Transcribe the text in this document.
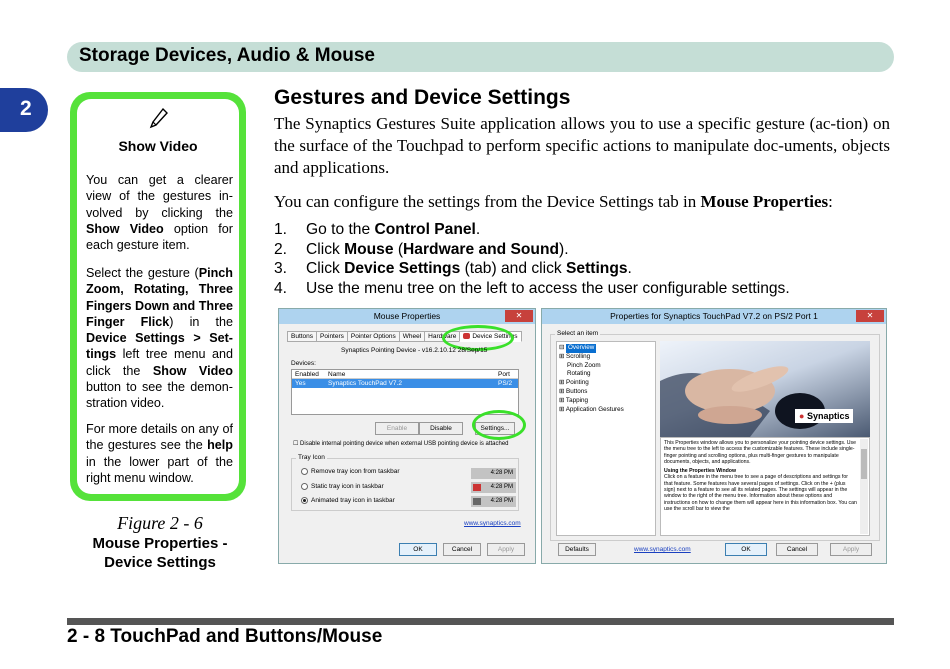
Storage Devices, Audio & Mouse
2
Show Video
You can get a clearer view of the gestures in-volved by clicking the Show Video option for each gesture item.
Select the gesture (Pinch Zoom, Rotating, Three Fingers Down and Three Finger Flick) in the Device Settings > Set-tings left tree menu and click the Show Video button to see the demon-stration video.
For more details on any of the gestures see the help in the lower part of the right menu window.
Figure 2 - 6
Mouse Properties -
Device Settings
Gestures and Device Settings
The Synaptics Gestures Suite application allows you to use a specific gesture (ac-tion) on the surface of the Touchpad to perform specific actions to manipulate doc-uments, objects and applications.
You can configure the settings from the Device Settings tab in Mouse Properties:
1.	Go to the Control Panel.
2.	Click Mouse (Hardware and Sound).
3.	Click Device Settings (tab) and click Settings.
4.	Use the menu tree on the left to access the user configurable settings.
Mouse Properties	✕
Buttons	Pointers	Pointer Options	Wheel	Hardware	Device Settings
Synaptics Pointing Device - v16.2.10.12 28/Sep/15
Devices:
Enabled Name	Port
Yes	Synaptics TouchPad V7.2	PS/2
Enable	Disable	Settings...
☐ Disable internal pointing device when external USB pointing device is attached
Tray Icon
Remove tray icon from taskbar
Static tray icon in taskbar
Animated tray icon in taskbar
4:28 PM
4:28 PM
4:28 PM
www.synaptics.com
OK	Cancel	Apply
Properties for Synaptics TouchPad V7.2 on PS/2 Port 1	✕
Select an item
⊟ Overview
⊞ Scrolling
Pinch Zoom
Rotating
⊞ Pointing
⊞ Buttons
⊞ Tapping
⊞ Application Gestures
● Synaptics
This Properties window allows you to personalize your pointing device settings. Use the menu tree to the left to access the customizable features. These include single-finger pointing and scrolling options, plus multi-finger gestures to manipulate documents, objects, and applications.
Using the Properties Window
Click on a feature in the menu tree to see a page of descriptions and settings for that feature. Some features have several pages of settings. Click on the + (plus sign) next to a feature to see all its related pages. The settings will appear in the window to the right of the menu tree. Information about these options and instructions on how to change them will appear here in this information box. You can use the scroll bar to view the
Defaults	www.synaptics.com	OK	Cancel	Apply
2 - 8 TouchPad and Buttons/Mouse
